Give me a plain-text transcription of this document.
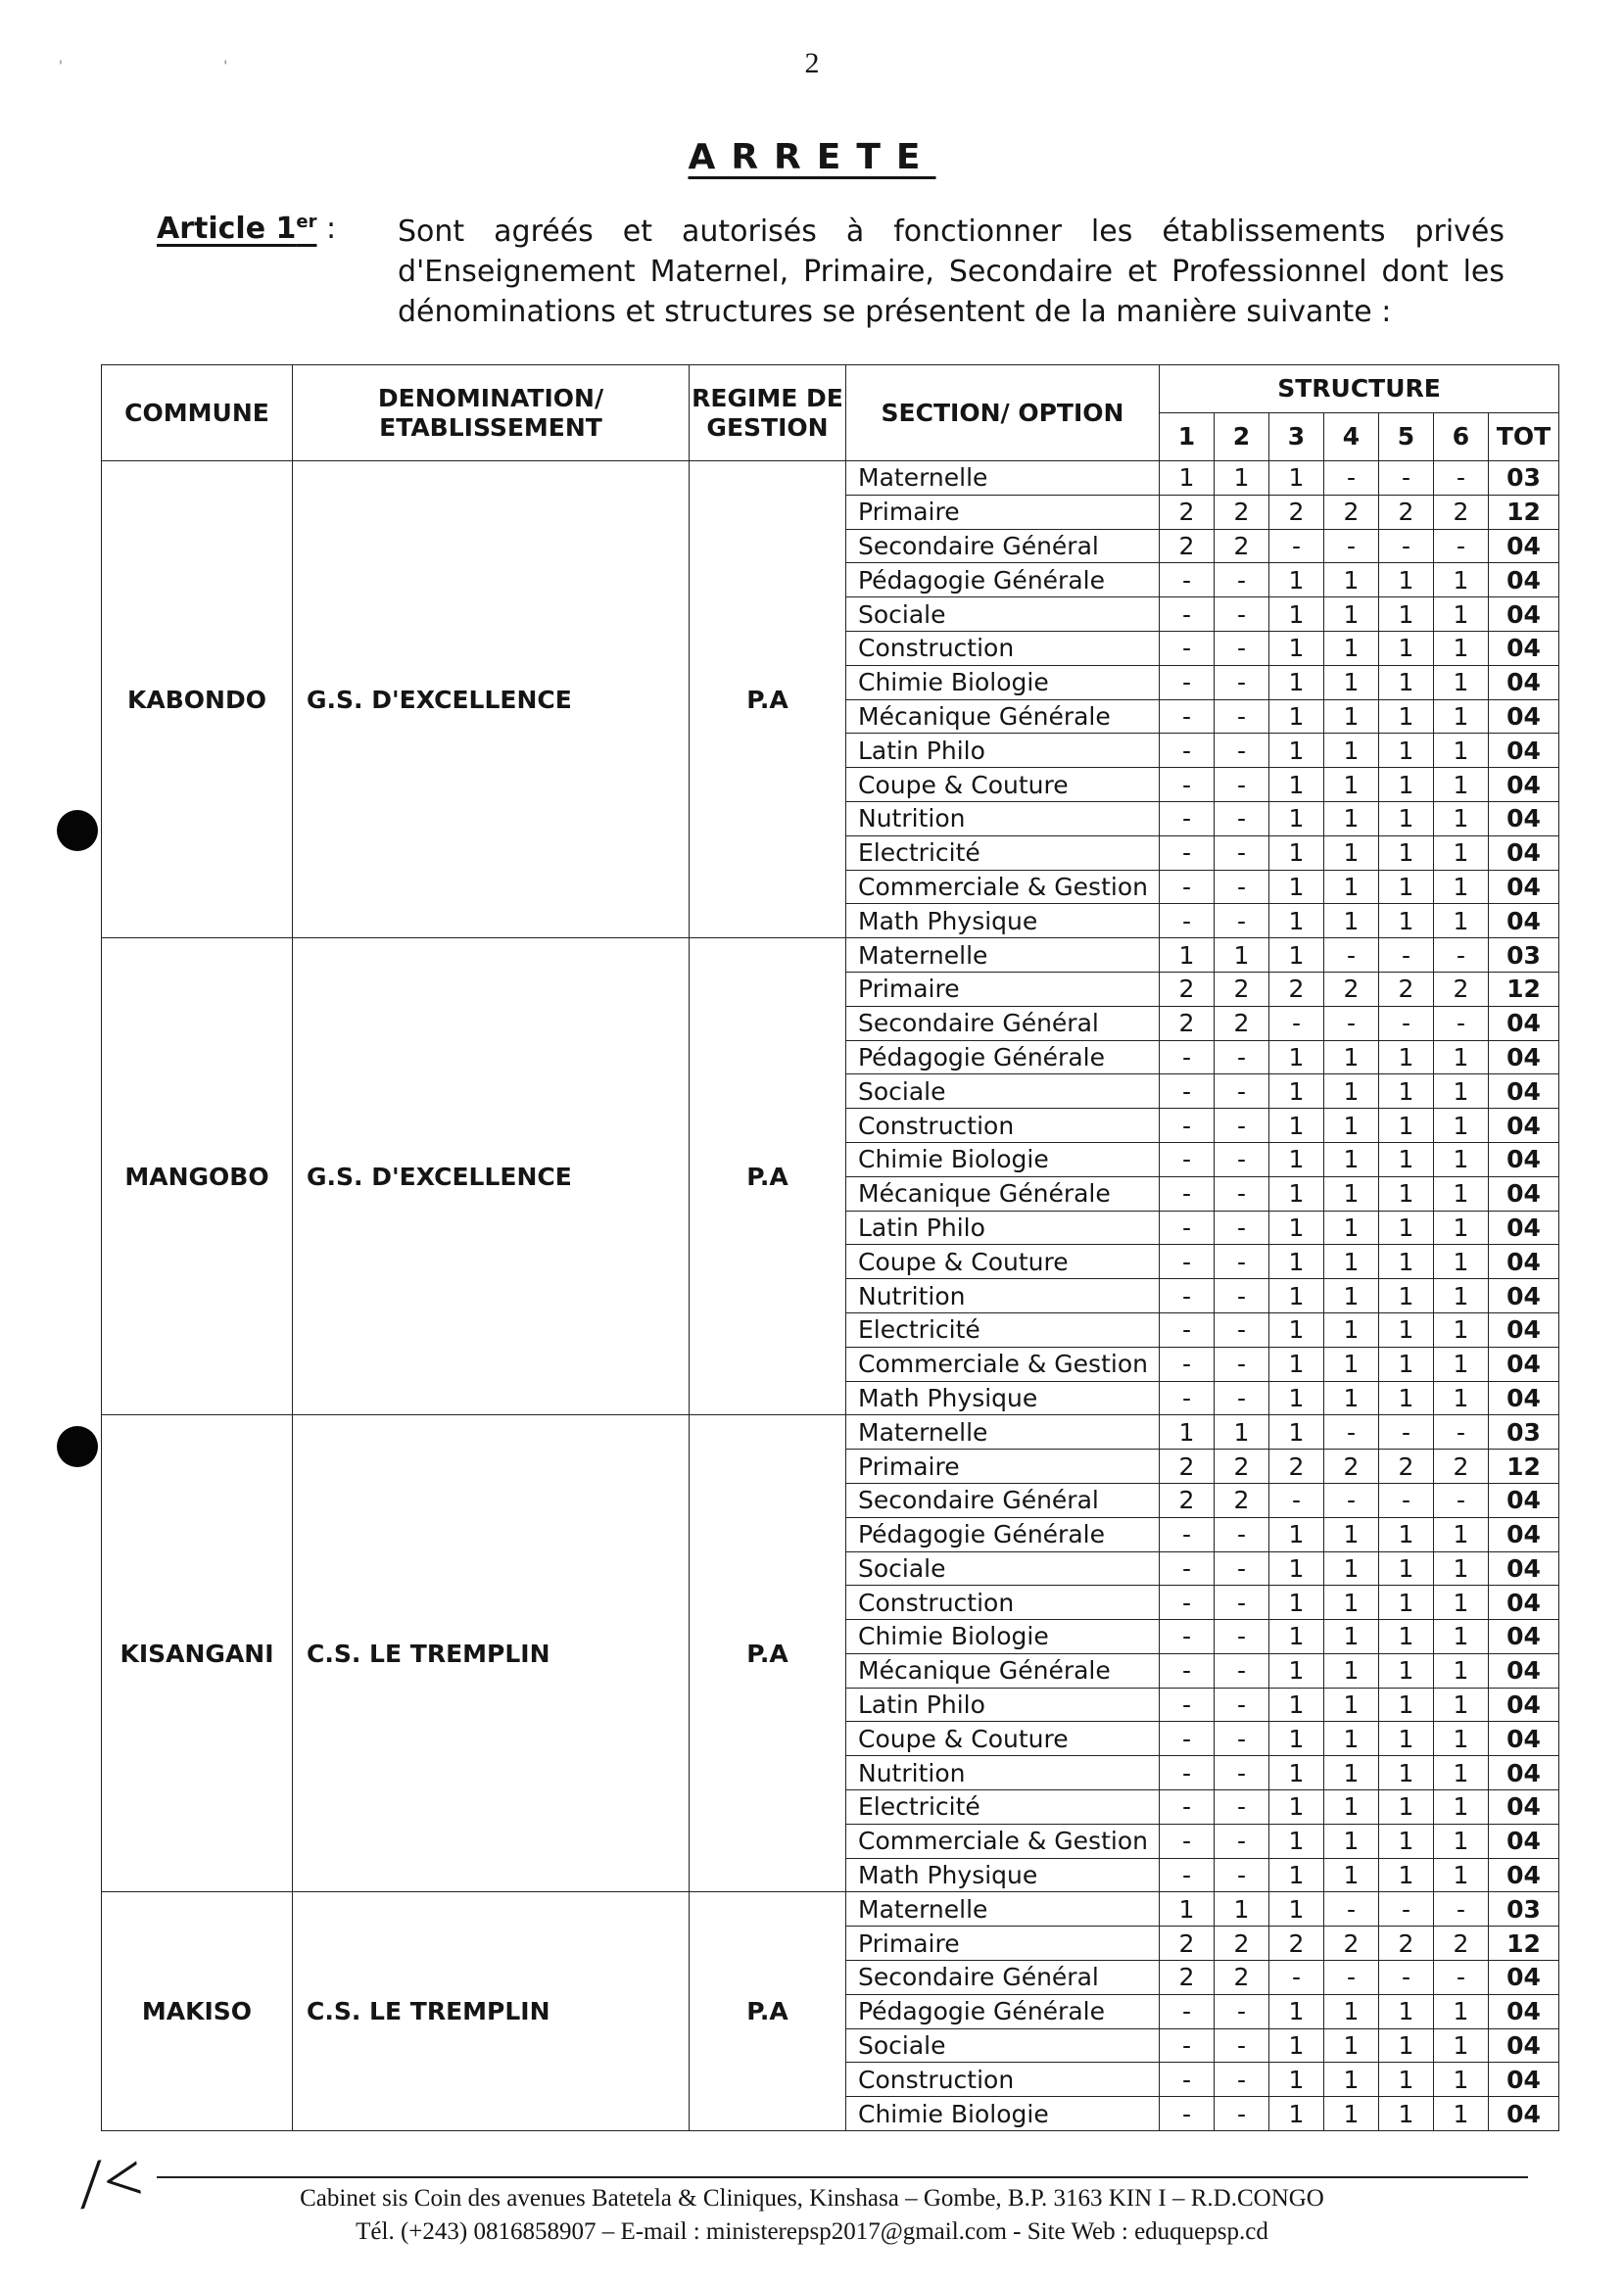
2
' '
ARRETE
Article 1er : Sont agréés et autorisés à fonctionner les établissements privés d'Enseignement Maternel, Primaire, Secondaire et Professionnel dont les dénominations et structures se présentent de la manière suivante :
COMMUNE	DENOMINATION/ ETABLISSEMENT	REGIME DE GESTION	SECTION/ OPTION	STRUCTURE						
				1	2	3	4	5	6	TOT
KABONDO	G.S. D'EXCELLENCE	P.A	Maternelle	1	1	1	-	-	-	03
			Primaire	2	2	2	2	2	2	12
			Secondaire Général	2	2	-	-	-	-	04
			Pédagogie Générale	-	-	1	1	1	1	04
			Sociale	-	-	1	1	1	1	04
			Construction	-	-	1	1	1	1	04
			Chimie Biologie	-	-	1	1	1	1	04
			Mécanique Générale	-	-	1	1	1	1	04
			Latin Philo	-	-	1	1	1	1	04
			Coupe & Couture	-	-	1	1	1	1	04
			Nutrition	-	-	1	1	1	1	04
			Electricité	-	-	1	1	1	1	04
			Commerciale & Gestion	-	-	1	1	1	1	04
			Math Physique	-	-	1	1	1	1	04
MANGOBO	G.S. D'EXCELLENCE	P.A	Maternelle	1	1	1	-	-	-	03
			Primaire	2	2	2	2	2	2	12
			Secondaire Général	2	2	-	-	-	-	04
			Pédagogie Générale	-	-	1	1	1	1	04
			Sociale	-	-	1	1	1	1	04
			Construction	-	-	1	1	1	1	04
			Chimie Biologie	-	-	1	1	1	1	04
			Mécanique Générale	-	-	1	1	1	1	04
			Latin Philo	-	-	1	1	1	1	04
			Coupe & Couture	-	-	1	1	1	1	04
			Nutrition	-	-	1	1	1	1	04
			Electricité	-	-	1	1	1	1	04
			Commerciale & Gestion	-	-	1	1	1	1	04
			Math Physique	-	-	1	1	1	1	04
KISANGANI	C.S. LE TREMPLIN	P.A	Maternelle	1	1	1	-	-	-	03
			Primaire	2	2	2	2	2	2	12
			Secondaire Général	2	2	-	-	-	-	04
			Pédagogie Générale	-	-	1	1	1	1	04
			Sociale	-	-	1	1	1	1	04
			Construction	-	-	1	1	1	1	04
			Chimie Biologie	-	-	1	1	1	1	04
			Mécanique Générale	-	-	1	1	1	1	04
			Latin Philo	-	-	1	1	1	1	04
			Coupe & Couture	-	-	1	1	1	1	04
			Nutrition	-	-	1	1	1	1	04
			Electricité	-	-	1	1	1	1	04
			Commerciale & Gestion	-	-	1	1	1	1	04
			Math Physique	-	-	1	1	1	1	04
MAKISO	C.S. LE TREMPLIN	P.A	Maternelle	1	1	1	-	-	-	03
			Primaire	2	2	2	2	2	2	12
			Secondaire Général	2	2	-	-	-	-	04
			Pédagogie Générale	-	-	1	1	1	1	04
			Sociale	-	-	1	1	1	1	04
			Construction	-	-	1	1	1	1	04
			Chimie Biologie	-	-	1	1	1	1	04
/<	Cabinet sis Coin des avenues Batetela & Cliniques, Kinshasa – Gombe, B.P. 3163 KIN I – R.D.CONGO
Tél. (+243) 0816858907 – E-mail : ministerepsp2017@gmail.com - Site Web : eduquepsp.cd
